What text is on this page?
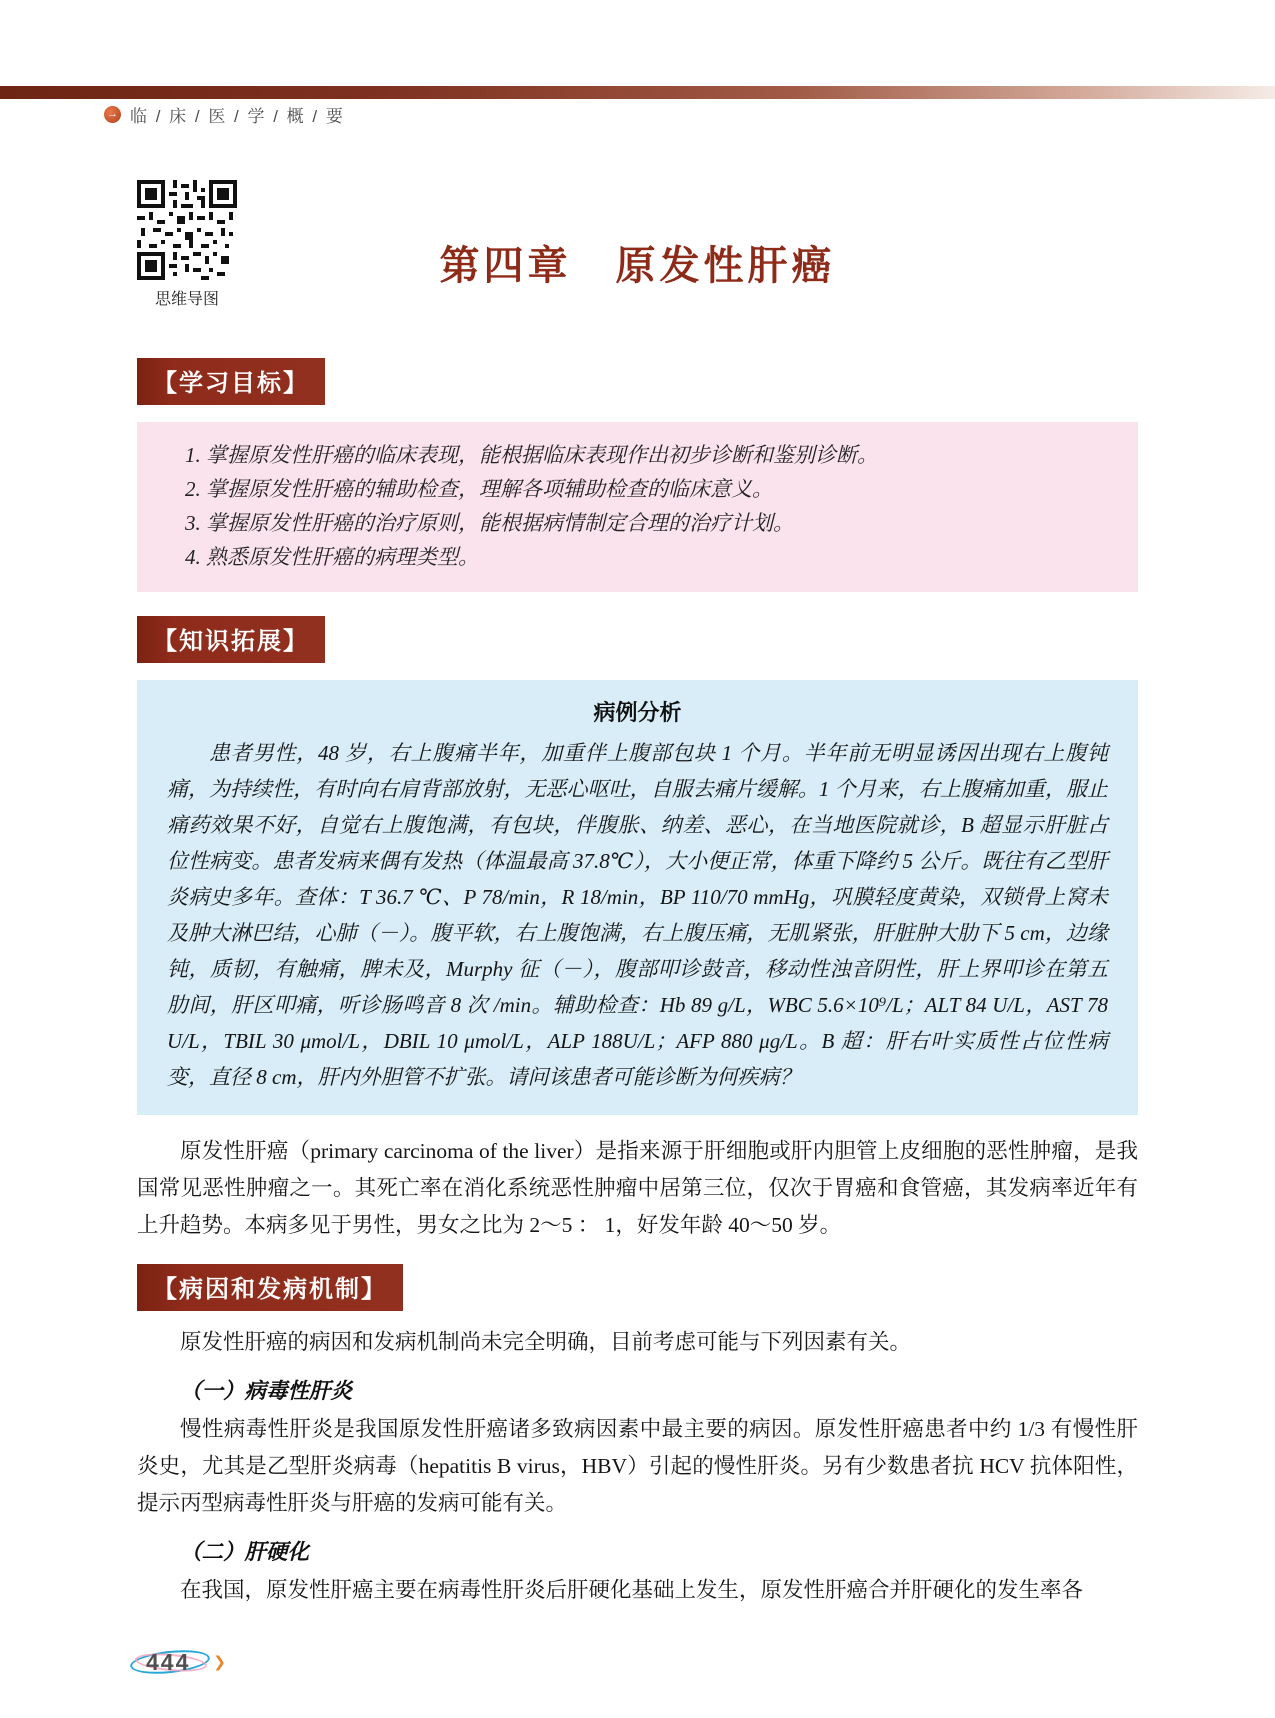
→ 临 / 床 / 医 / 学 / 概 / 要
思维导图
第四章　原发性肝癌
【学习目标】

1. 掌握原发性肝癌的临床表现，能根据临床表现作出初步诊断和鉴别诊断。

2. 掌握原发性肝癌的辅助检查，理解各项辅助检查的临床意义。

3. 掌握原发性肝癌的治疗原则，能根据病情制定合理的治疗计划。

4. 熟悉原发性肝癌的病理类型。

【知识拓展】
病例分析

患者男性，48 岁，右上腹痛半年，加重伴上腹部包块 1 个月。半年前无明显诱因出现右上腹钝痛，为持续性，有时向右肩背部放射，无恶心呕吐，自服去痛片缓解。1 个月来，右上腹痛加重，服止痛药效果不好，自觉右上腹饱满，有包块，伴腹胀、纳差、恶心，在当地医院就诊，B 超显示肝脏占位性病变。患者发病来偶有发热（体温最高 37.8℃），大小便正常，体重下降约 5 公斤。既往有乙型肝炎病史多年。查体：T 36.7 ℃、P 78/min，R 18/min，BP 110/70 mmHg，巩膜轻度黄染，双锁骨上窝未及肿大淋巴结，心肺（－）。腹平软，右上腹饱满，右上腹压痛，无肌紧张，肝脏肿大肋下 5 cm，边缘钝，质韧，有触痛，脾未及，Murphy 征（－），腹部叩诊鼓音，移动性浊音阴性，肝上界叩诊在第五肋间，肝区叩痛，听诊肠鸣音 8 次 /min。辅助检查：Hb 89 g/L，WBC 5.6×10⁹/L；ALT 84 U/L，AST 78 U/L，TBIL 30 μmol/L，DBIL 10 μmol/L，ALP 188U/L；AFP 880 μg/L。B 超：肝右叶实质性占位性病变，直径 8 cm，肝内外胆管不扩张。请问该患者可能诊断为何疾病？

原发性肝癌（primary carcinoma of the liver）是指来源于肝细胞或肝内胆管上皮细胞的恶性肿瘤，是我国常见恶性肿瘤之一。其死亡率在消化系统恶性肿瘤中居第三位，仅次于胃癌和食管癌，其发病率近年有上升趋势。本病多见于男性，男女之比为 2～5 ： 1，好发年龄 40～50 岁。

【病因和发病机制】

原发性肝癌的病因和发病机制尚未完全明确，目前考虑可能与下列因素有关。

（一）病毒性肝炎

慢性病毒性肝炎是我国原发性肝癌诸多致病因素中最主要的病因。原发性肝癌患者中约 1/3 有慢性肝炎史，尤其是乙型肝炎病毒（hepatitis B virus，HBV）引起的慢性肝炎。另有少数患者抗 HCV 抗体阳性，提示丙型病毒性肝炎与肝癌的发病可能有关。

（二）肝硬化

在我国，原发性肝癌主要在病毒性肝炎后肝硬化基础上发生，原发性肝癌合并肝硬化的发生率各

444 ❯
